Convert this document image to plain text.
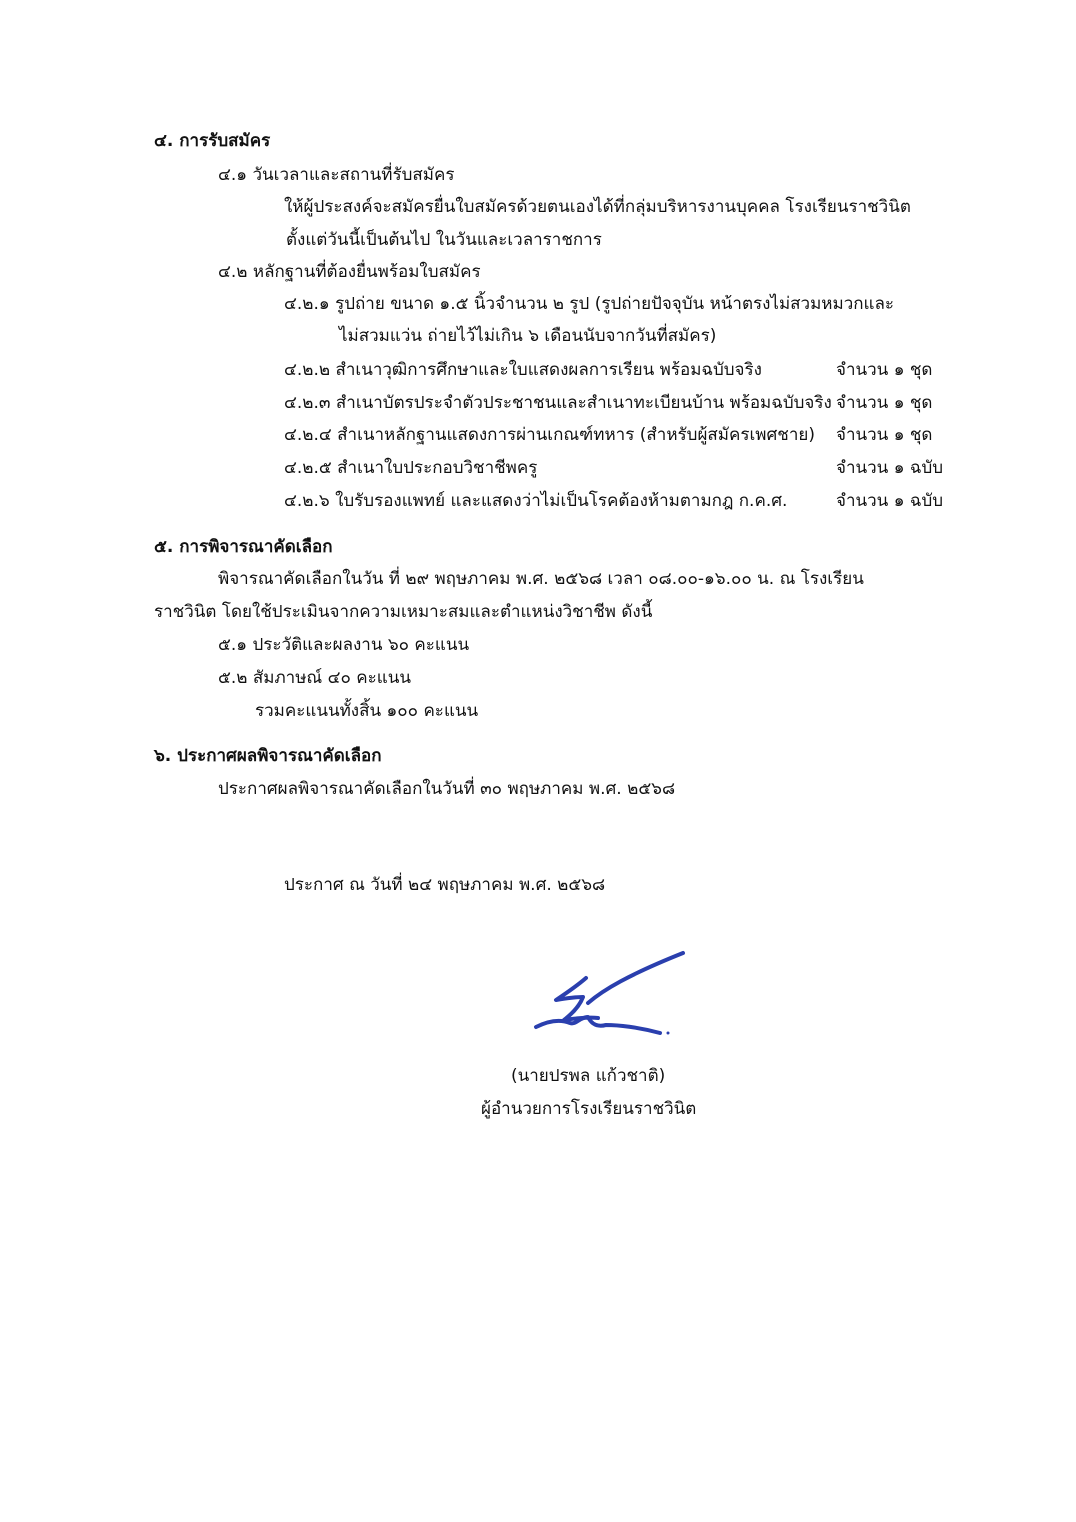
๔. การรับสมัคร
๔.๑ วันเวลาและสถานที่รับสมัคร
ให้ผู้ประสงค์จะสมัครยื่นใบสมัครด้วยตนเองได้ที่กลุ่มบริหารงานบุคคล โรงเรียนราชวินิต
ตั้งแต่วันนี้เป็นต้นไป ในวันและเวลาราชการ
๔.๒ หลักฐานที่ต้องยื่นพร้อมใบสมัคร
๔.๒.๑ รูปถ่าย ขนาด ๑.๕ นิ้วจำนวน ๒ รูป (รูปถ่ายปัจจุบัน หน้าตรงไม่สวมหมวกและ
ไม่สวมแว่น ถ่ายไว้ไม่เกิน ๖ เดือนนับจากวันที่สมัคร)
๔.๒.๒ สำเนาวุฒิการศึกษาและใบแสดงผลการเรียน พร้อมฉบับจริง	จำนวน ๑ ชุด
๔.๒.๓ สำเนาบัตรประจำตัวประชาชนและสำเนาทะเบียนบ้าน พร้อมฉบับจริง จำนวน ๑ ชุด
๔.๒.๔ สำเนาหลักฐานแสดงการผ่านเกณฑ์ทหาร (สำหรับผู้สมัครเพศชาย) จำนวน ๑ ชุด
๔.๒.๕ สำเนาใบประกอบวิชาชีพครู	จำนวน ๑ ฉบับ
๔.๒.๖ ใบรับรองแพทย์ และแสดงว่าไม่เป็นโรคต้องห้ามตามกฎ ก.ค.ศ.	จำนวน ๑ ฉบับ
๕. การพิจารณาคัดเลือก
พิจารณาคัดเลือกในวัน ที่ ๒๙ พฤษภาคม พ.ศ. ๒๕๖๘ เวลา ๐๘.๐๐-๑๖.๐๐ น. ณ โรงเรียน
ราชวินิต โดยใช้ประเมินจากความเหมาะสมและตำแหน่งวิชาชีพ ดังนี้
๕.๑ ประวัติและผลงาน ๖๐ คะแนน
๕.๒ สัมภาษณ์ ๔๐ คะแนน
รวมคะแนนทั้งสิ้น ๑๐๐ คะแนน
๖. ประกาศผลพิจารณาคัดเลือก
ประกาศผลพิจารณาคัดเลือกในวันที่ ๓๐ พฤษภาคม พ.ศ. ๒๕๖๘
ประกาศ ณ วันที่ ๒๔ พฤษภาคม พ.ศ. ๒๕๖๘
(นายปรพล แก้วชาติ)
ผู้อำนวยการโรงเรียนราชวินิต
